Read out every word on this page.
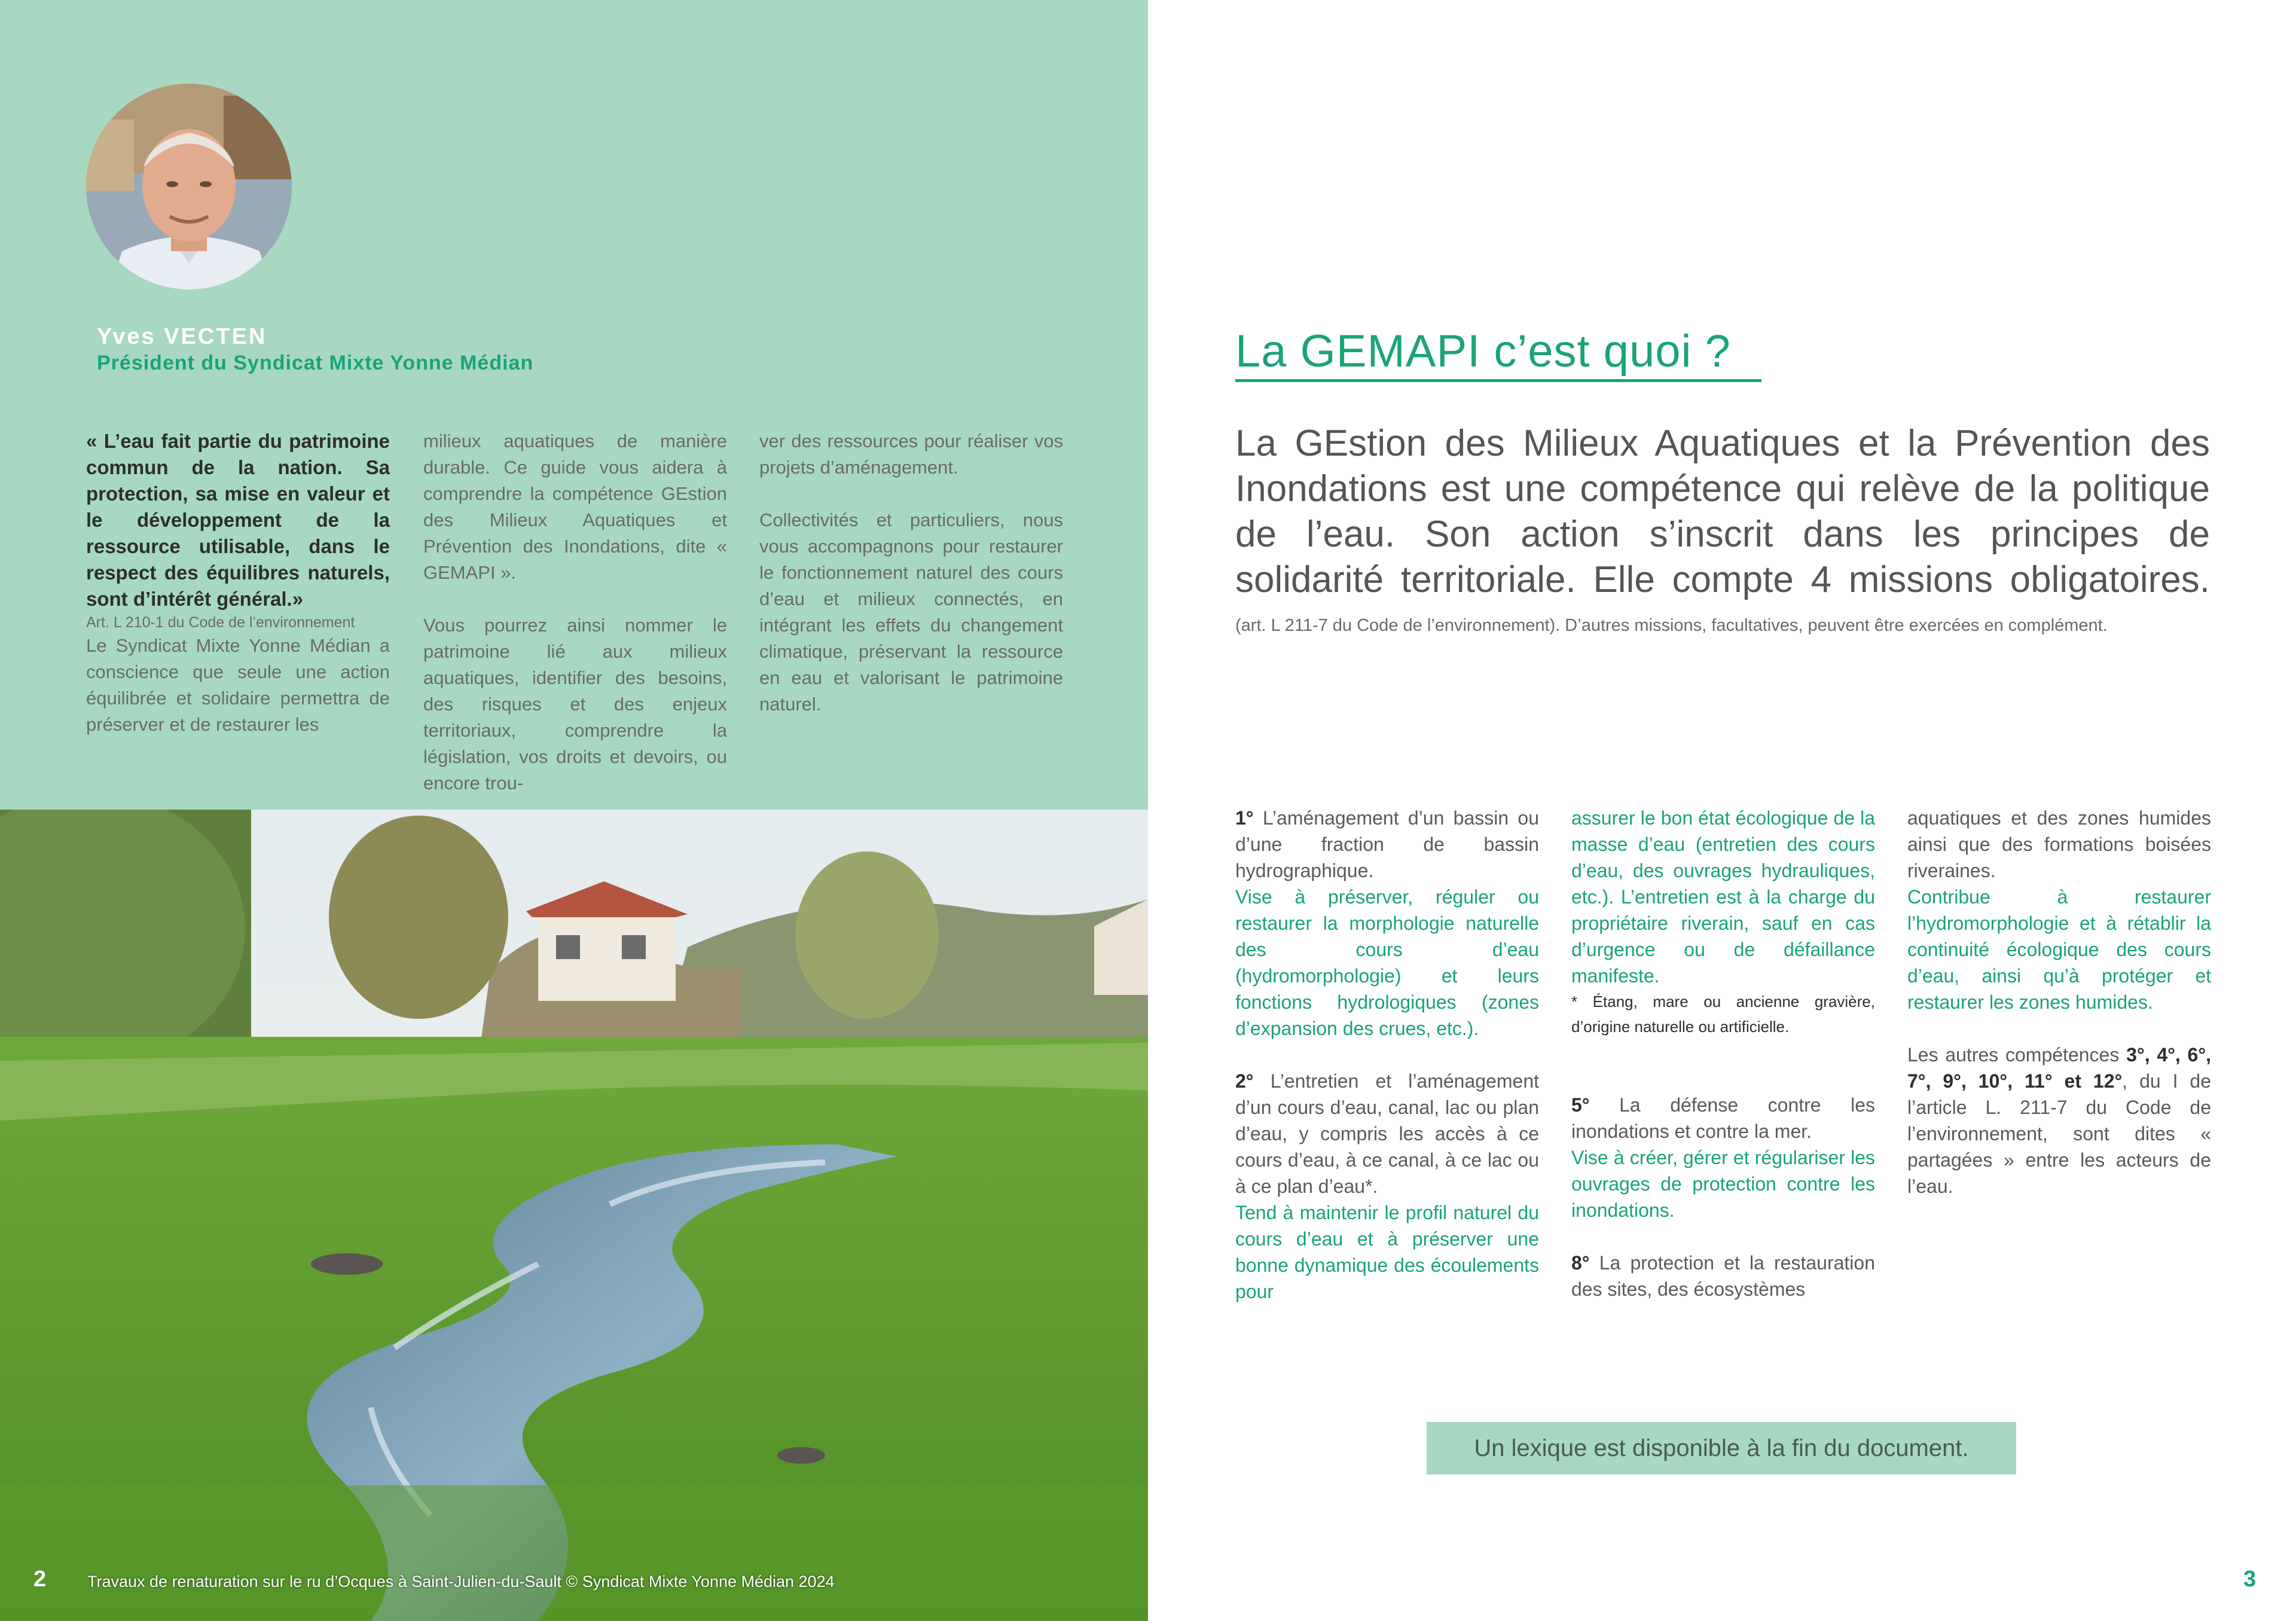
Yves VECTEN
Président du Syndicat Mixte Yonne Médian

« L’eau fait partie du patrimoine commun de la nation. Sa protection, sa mise en valeur et le développement de la ressource utilisable, dans le respect des équilibres naturels, sont d’intérêt général.»

Art. L 210-1 du Code de l’environnement

Le Syndicat Mixte Yonne Médian a conscience que seule une action équilibrée et solidaire permettra de préserver et de restaurer les

milieux aquatiques de manière durable. Ce guide vous aidera à comprendre la compétence GEstion des Milieux Aquatiques et Prévention des Inondations, dite « GEMAPI ».

Vous pourrez ainsi nommer le patrimoine lié aux milieux aquatiques, identifier des besoins, des risques et des enjeux territoriaux, comprendre la législation, vos droits et devoirs, ou encore trou-

ver des ressources pour réaliser vos projets d’aménagement.

Collectivités et particuliers, nous vous accompagnons pour restaurer le fonctionnement naturel des cours d’eau et milieux connectés, en intégrant les effets du changement climatique, préservant la ressource en eau et valorisant le patrimoine naturel.

2	Travaux de renaturation sur le ru d’Ocques à Saint-Julien-du-Sault © Syndicat Mixte Yonne Médian 2024
La GEMAPI c’est quoi ?
La GEstion des Milieux Aquatiques et la Prévention des Inondations est une compétence qui relève de la politique de l’eau. Son action s’inscrit dans les principes de solidarité territoriale. Elle compte 4 missions obligatoires.
(art. L 211-7 du Code de l’environnement). D’autres missions, facultatives, peuvent être exercées en complément.

1° L’aménagement d’un bassin ou d’une fraction de bassin hydrographique.

Vise à préserver, réguler ou restaurer la morphologie naturelle des cours d’eau (hydromorphologie) et leurs fonctions hydrologiques (zones d’expansion des crues, etc.).

2° L’entretien et l’aménagement d’un cours d’eau, canal, lac ou plan d’eau, y compris les accès à ce cours d’eau, à ce canal, à ce lac ou à ce plan d’eau*.

Tend à maintenir le profil naturel du cours d’eau et à préserver une bonne dynamique des écoulements pour

assurer le bon état écologique de la masse d’eau (entretien des cours d’eau, des ouvrages hydrauliques, etc.). L’entretien est à la charge du propriétaire riverain, sauf en cas d’urgence ou de défaillance manifeste.

* Étang, mare ou ancienne gravière, d’origine naturelle ou artificielle.

5° La défense contre les inondations et contre la mer.

Vise à créer, gérer et régulariser les ouvrages de protection contre les inondations.

8° La protection et la restauration des sites, des écosystèmes

aquatiques et des zones humides ainsi que des formations boisées riveraines.

Contribue à restaurer l’hydromorphologie et à rétablir la continuité écologique des cours d’eau, ainsi qu’à protéger et restaurer les zones humides.

Les autres compétences 3°, 4°, 6°, 7°, 9°, 10°, 11° et 12°, du I de l’article L. 211-7 du Code de l’environnement, sont dites « partagées » entre les acteurs de l’eau.

Un lexique est disponible à la fin du document.
3
